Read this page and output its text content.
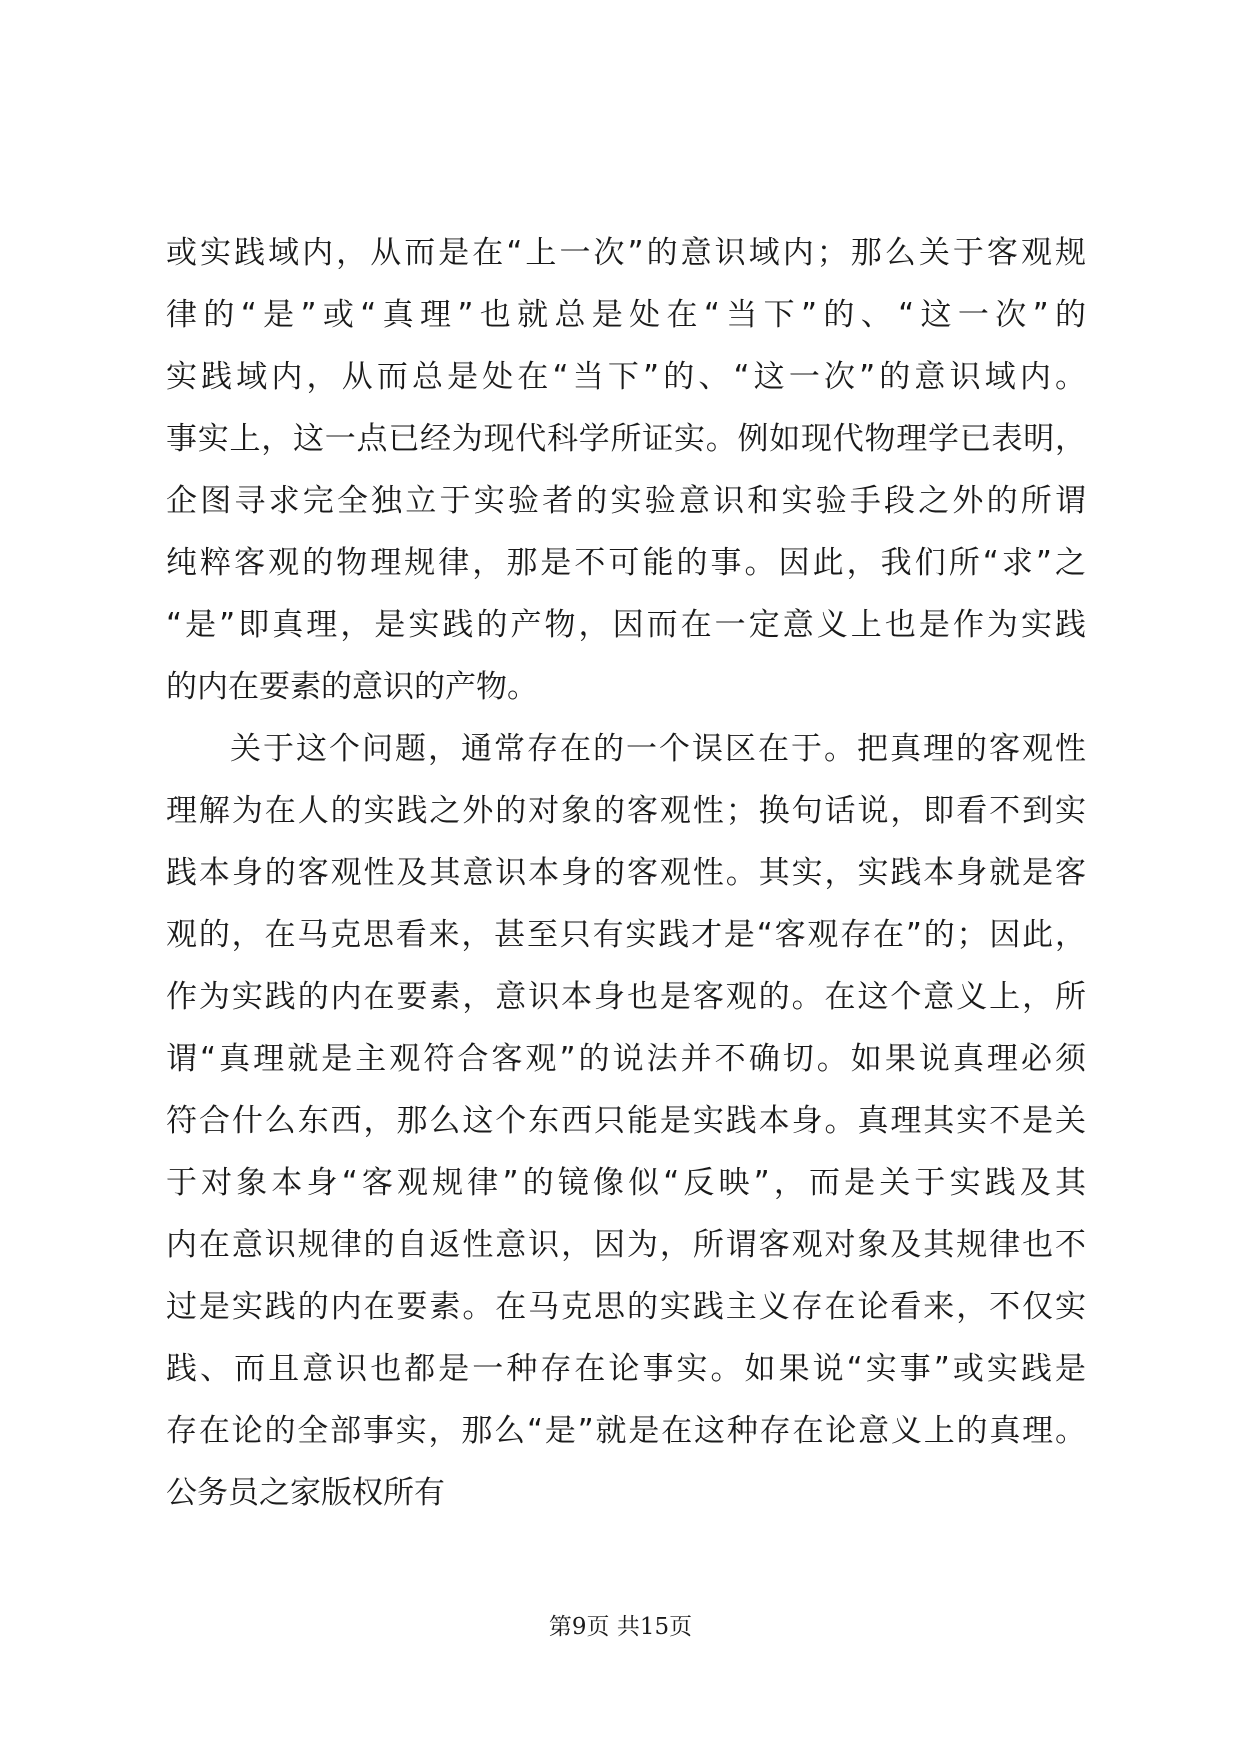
或实践域内，从而是在“上一次”的意识域内；那么关于客观规
律的“是”或“真理”也就总是处在“当下”的、“这一次”的
实践域内，从而总是处在“当下”的、“这一次”的意识域内。
事实上，这一点已经为现代科学所证实。例如现代物理学已表明，
企图寻求完全独立于实验者的实验意识和实验手段之外的所谓
纯粹客观的物理规律，那是不可能的事。因此，我们所“求”之
“是”即真理，是实践的产物，因而在一定意义上也是作为实践
的内在要素的意识的产物。
关于这个问题，通常存在的一个误区在于。把真理的客观性
理解为在人的实践之外的对象的客观性；换句话说，即看不到实
践本身的客观性及其意识本身的客观性。其实，实践本身就是客
观的，在马克思看来，甚至只有实践才是“客观存在”的；因此，
作为实践的内在要素，意识本身也是客观的。在这个意义上，所
谓“真理就是主观符合客观”的说法并不确切。如果说真理必须
符合什么东西，那么这个东西只能是实践本身。真理其实不是关
于对象本身“客观规律”的镜像似“反映”，而是关于实践及其
内在意识规律的自返性意识，因为，所谓客观对象及其规律也不
过是实践的内在要素。在马克思的实践主义存在论看来，不仅实
践、而且意识也都是一种存在论事实。如果说“实事”或实践是
存在论的全部事实，那么“是”就是在这种存在论意义上的真理。
公务员之家版权所有
第9页 共15页
